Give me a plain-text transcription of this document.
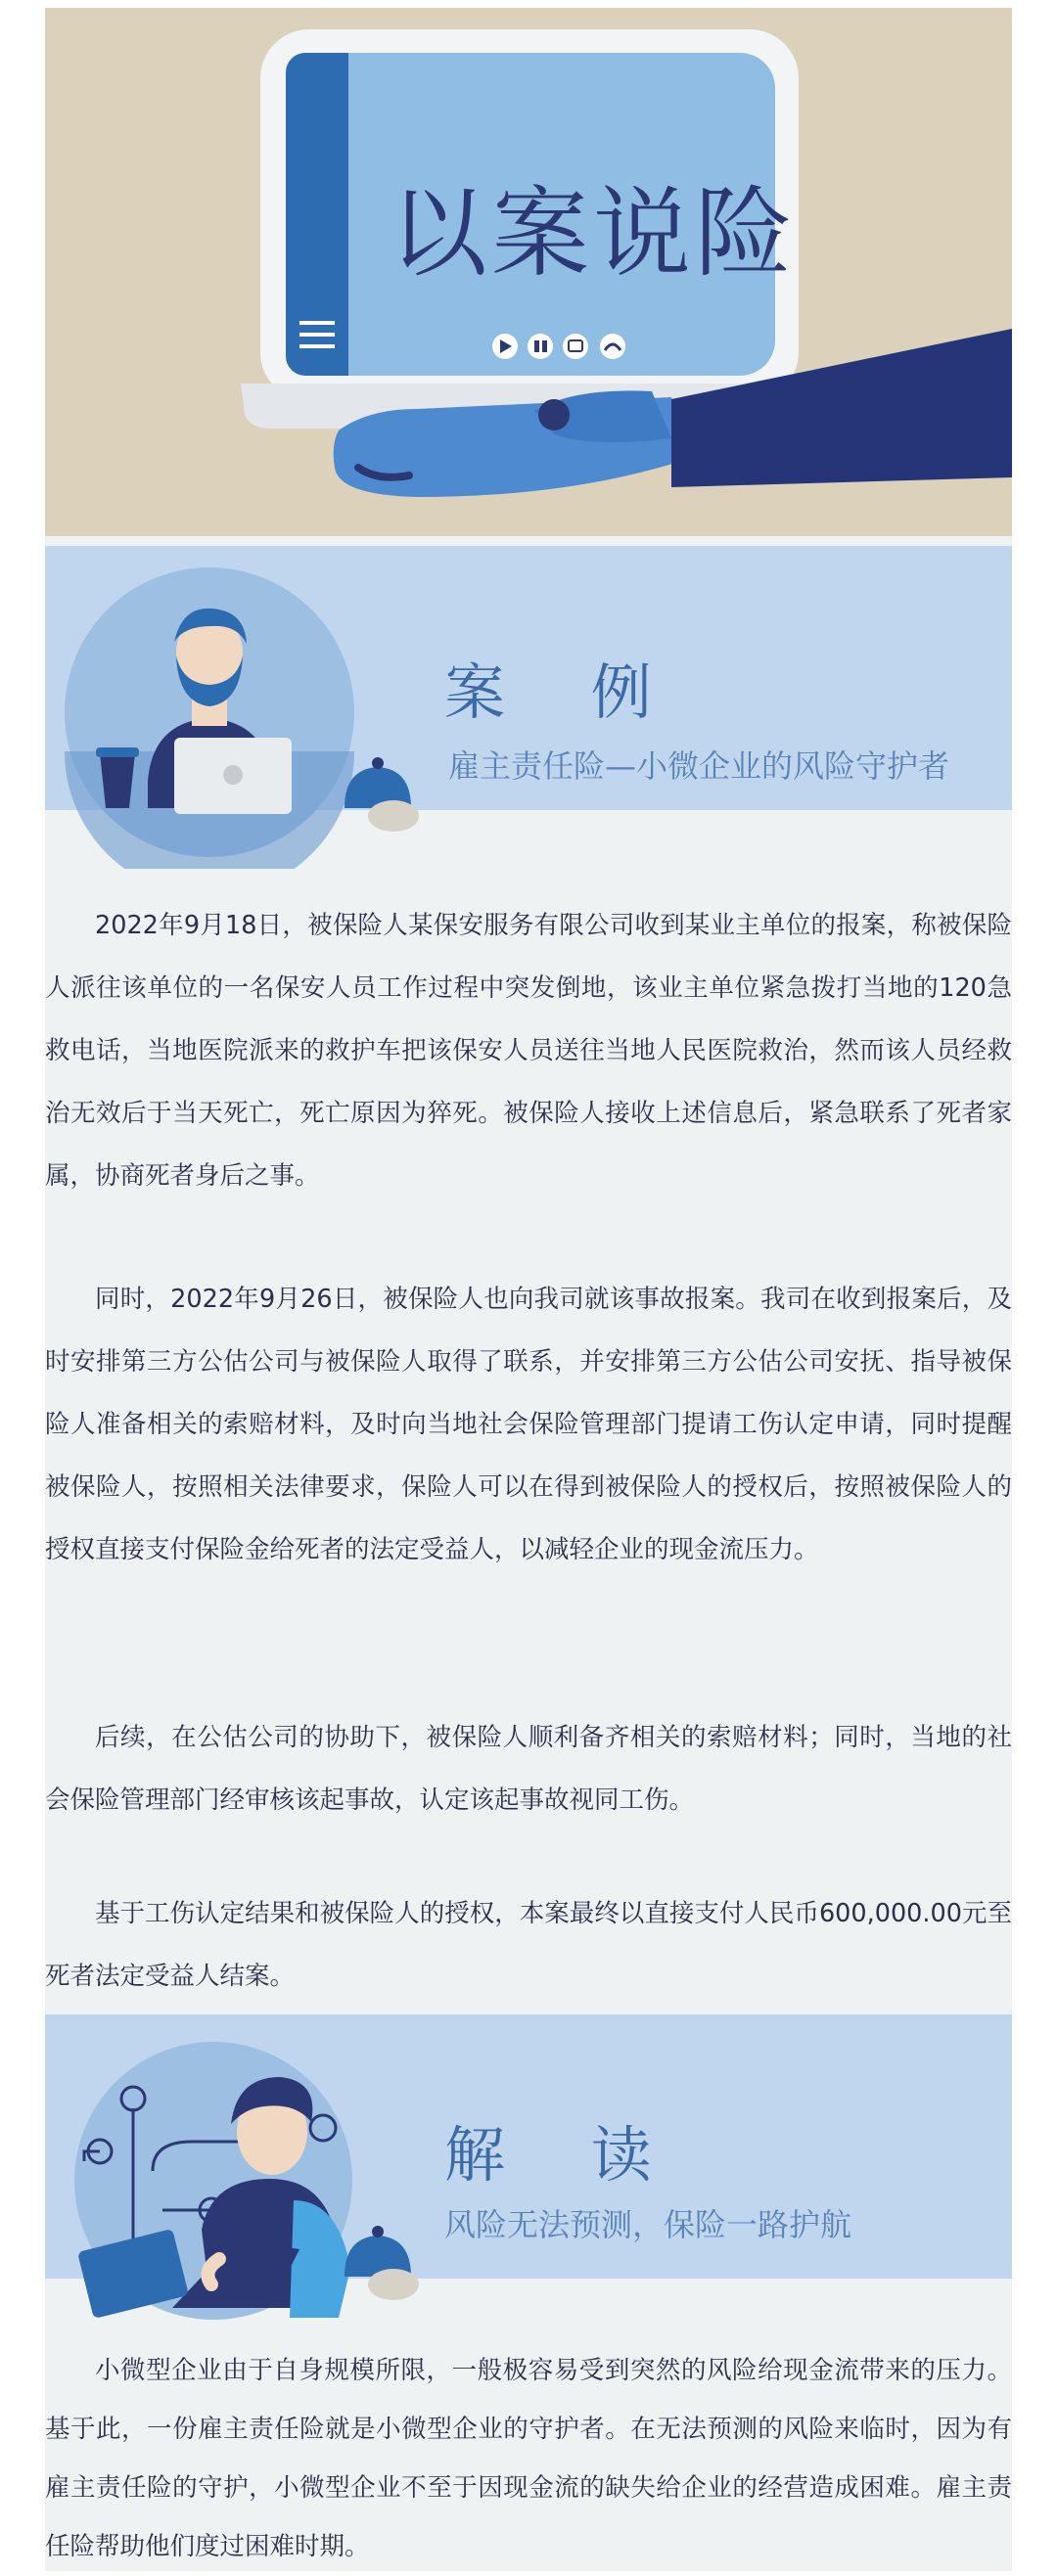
以案说险
案 例
雇主责任险—小微企业的风险守护者
2022年9月18日，被保险人某保安服务有限公司收到某业主单位的报案，称被保险人派往该单位的一名保安人员工作过程中突发倒地，该业主单位紧急拨打当地的120急救电话，当地医院派来的救护车把该保安人员送往当地人民医院救治，然而该人员经救治无效后于当天死亡，死亡原因为猝死。被保险人接收上述信息后，紧急联系了死者家属，协商死者身后之事。
同时，2022年9月26日，被保险人也向我司就该事故报案。我司在收到报案后，及时安排第三方公估公司与被保险人取得了联系，并安排第三方公估公司安抚、指导被保险人准备相关的索赔材料，及时向当地社会保险管理部门提请工伤认定申请，同时提醒被保险人，按照相关法律要求，保险人可以在得到被保险人的授权后，按照被保险人的授权直接支付保险金给死者的法定受益人，以减轻企业的现金流压力。
后续，在公估公司的协助下，被保险人顺利备齐相关的索赔材料；同时，当地的社会保险管理部门经审核该起事故，认定该起事故视同工伤。
基于工伤认定结果和被保险人的授权，本案最终以直接支付人民币600,000.00元至死者法定受益人结案。
解 读
风险无法预测，保险一路护航
小微型企业由于自身规模所限，一般极容易受到突然的风险给现金流带来的压力。基于此，一份雇主责任险就是小微型企业的守护者。在无法预测的风险来临时，因为有雇主责任险的守护，小微型企业不至于因现金流的缺失给企业的经营造成困难。雇主责任险帮助他们度过困难时期。
